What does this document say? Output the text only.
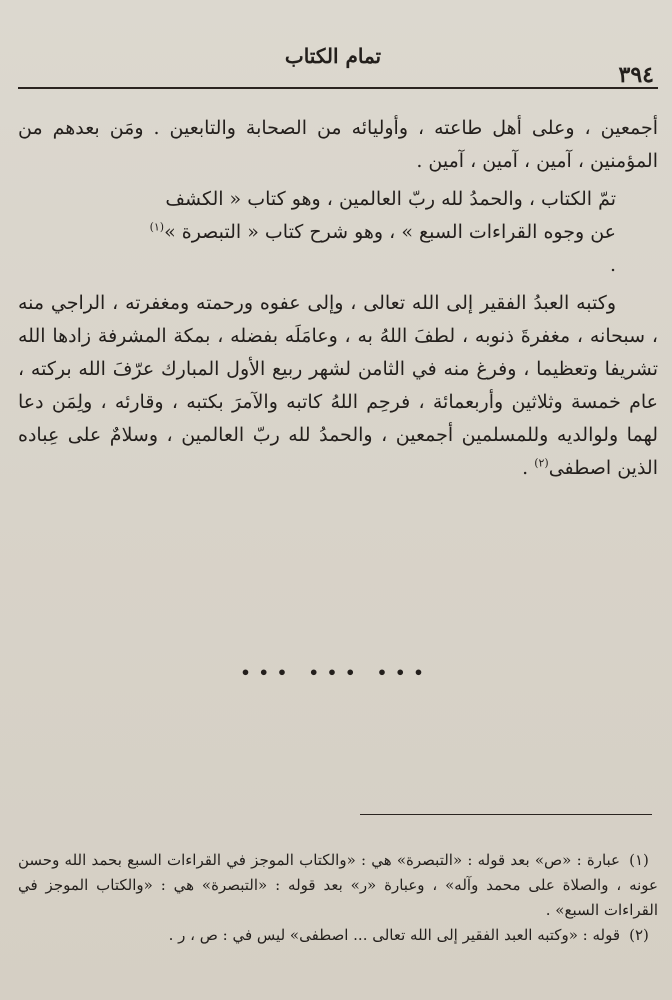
تمام الكتاب
٣٩٤

أجمعين ، وعلى أهل طاعته ، وأوليائه من الصحابة والتابعين . ومَن بعدهم من المؤمنين ، آمين ، آمين ، آمين .

تمّ الكتاب ، والحمدُ لله ربّ العالمين ، وهو كتاب « الكشف عن وجوه القراءات السبع » ، وهو شرح كتاب « التبصرة »$^{(١)}$ .

وكتبه العبدُ الفقير إلى الله تعالى ، وإلى عفوه ورحمته ومغفرته ، الراجي منه ، سبحانه ، مغفرةَ ذنوبه ، لطفَ اللهُ به ، وعامَلَه بفضله ، بمكة المشرفة زادها الله تشريفا وتعظيما ، وفرغ منه في الثامن لشهر ربيع الأول المبارك عرّفَ الله بركته ، عام خمسة وثلاثين وأربعمائة ، فرحِم اللهُ كاتبه والآمرَ بكتبه ، وقارئه ، ولِمَن دعا لهما ولوالديه وللمسلمين أجمعين ، والحمدُ لله ربّ العالمين ، وسلامٌ على عِباده الذين اصطفى$^{(٢)}$ .

••• ••• •••

(١)عبارة : «ص» بعد قوله : «التبصرة» هي : «والكتاب الموجز في القراءات السبع بحمد الله وحسن عونه ، والصلاة على محمد وآله» ، وعبارة «ر» بعد قوله : «التبصرة» هي : «والكتاب الموجز في القراءات السبع» .

(٢)قوله : «وكتبه العبد الفقير إلى الله تعالى ... اصطفى» ليس في : ص ، ر .
